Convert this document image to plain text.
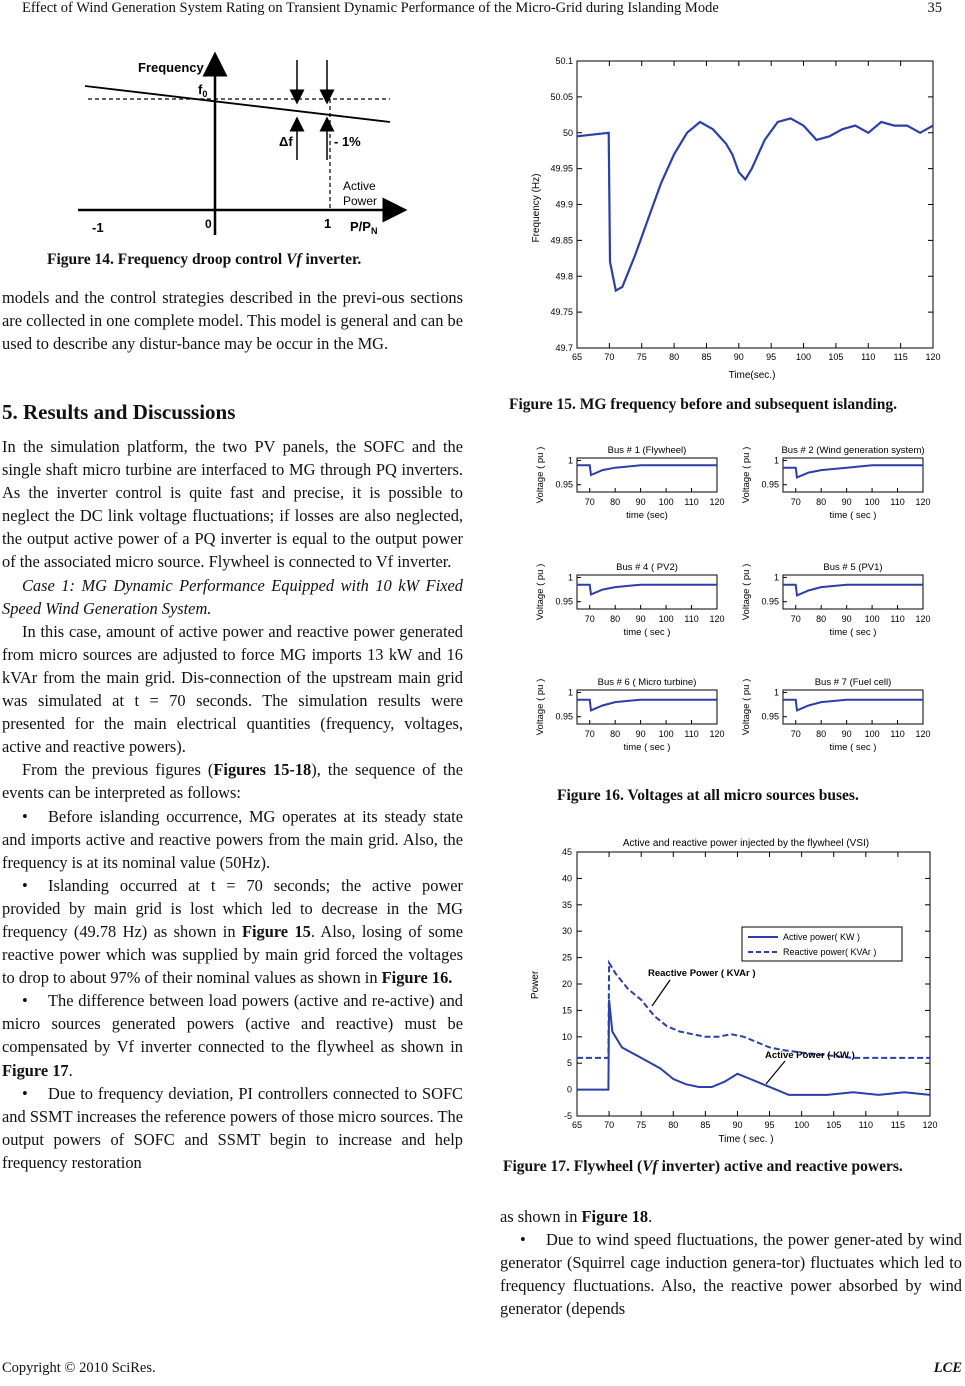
Effect of Wind Generation System Rating on Transient Dynamic Performance of the Micro-Grid during Islanding Mode	35
Frequency
$f_0$
Δf	- 1%
Active
Power
-1	0	1 $P/P_N$
Figure 14. Frequency droop control Vf inverter.

models and the control strategies described in the previ-ous sections are collected in one complete model. This model is general and can be used to describe any distur-bance may be occur in the MG.

5. Results and Discussions

In the simulation platform, the two PV panels, the SOFC and the single shaft micro turbine are interfaced to MG through PQ inverters. As the inverter control is quite fast and precise, it is possible to neglect the DC link voltage fluctuations; if losses are also neglected, the output active power of a PQ inverter is equal to the output power of the associated micro source. Flywheel is connected to Vf inverter.

Case 1: MG Dynamic Performance Equipped with 10 kW Fixed Speed Wind Generation System.

In this case, amount of active power and reactive power generated from micro sources are adjusted to force MG imports 13 kW and 16 kVAr from the main grid. Dis-connection of the upstream main grid was simulated at t = 70 seconds. The simulation results were presented for the main electrical quantities (frequency, voltages, active and reactive powers).

From the previous figures (Figures 15-18), the sequence of the events can be interpreted as follows:

• Before islanding occurrence, MG operates at its steady state and imports active and reactive powers from the main grid. Also, the frequency is at its nominal value (50Hz).

• Islanding occurred at t = 70 seconds; the active power provided by main grid is lost which led to decrease in the MG frequency (49.78 Hz) as shown in Figure 15. Also, losing of some reactive power which was supplied by main grid forced the voltages to drop to about 97% of their nominal values as shown in Figure 16.

• The difference between load powers (active and re-active) and micro sources generated powers (active and reactive) must be compensated by Vf inverter connected to the flywheel as shown in Figure 17.

• Due to frequency deviation, PI controllers connected to SOFC and SSMT increases the reference powers of those micro sources. The output powers of SOFC and SSMT begin to increase and help frequency restoration

Frequency (Hz)
Time(sec.)
50.1
50.05
50
49.95
49.9
49.85
49.8
49.75
49.7
65 70 75 80 85 90 95 100 105 110 115 120
Figure 15. MG frequency before and subsequent islanding.
Bus # 1 (Flywheel)
1
0.95
70 80 90 100 110 120
time (sec)
Voltage ( pu )	Bus # 2 (Wind generation system)
1
0.95
70 80 90 100 110 120
time ( sec )
Voltage ( pu )
Bus # 4 ( PV2)
1
0.95
70 80 90 100 110 120
time ( sec )
Voltage ( pu )	Bus # 5 (PV1)
1
0.95
70 80 90 100 110 120
time ( sec )
Voltage ( pu )
Bus # 6 ( Micro turbine)
1
0.95
70 80 90 100 110 120
time ( sec )
Voltage ( pu )	Bus # 7 (Fuel cell)
1
0.95
70 80 90 100 110 120
time ( sec )
Voltage ( pu )
Figure 16. Voltages at all micro sources buses.
Active and reactive power injected by the flywheel (VSI)
Power
Time ( sec. )
45
40
35
30
25
20
15
10
5
0
-5
65 70 75 80 85 90 95 100 105 110 115 120
Active power( KW )
Reactive power( KVAr )
Reactive Power ( KVAr )
Active Power ( KW )
Figure 17. Flywheel (Vf inverter) active and reactive powers.

as shown in Figure 18.

• Due to wind speed fluctuations, the power gener-ated by wind generator (Squirrel cage induction genera-tor) fluctuates which led to frequency fluctuations. Also, the reactive power absorbed by wind generator (depends

Copyright © 2010 SciRes.	LCE
